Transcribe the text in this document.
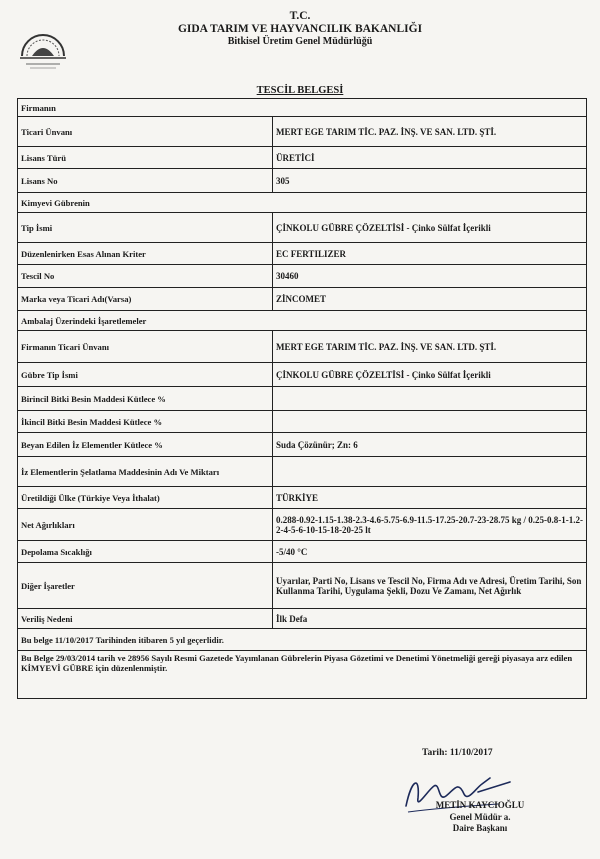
T.C.
GIDA TARIM VE HAYVANCILIK BAKANLIĞI
Bitkisel Üretim Genel Müdürlüğü
TESCİL BELGESİ
Firmanın	
Ticari Ünvanı	MERT EGE TARIM TİC. PAZ. İNŞ. VE SAN. LTD. ŞTİ.
Lisans Türü	ÜRETİCİ
Lisans No	305
Kimyevi Gübrenin	
Tip İsmi	ÇİNKOLU GÜBRE ÇÖZELTİSİ - Çinko Sülfat İçerikli
Düzenlenirken Esas Alınan Kriter	EC FERTILIZER
Tescil No	30460
Marka veya Ticari Adı(Varsa)	ZİNCOMET
Ambalaj Üzerindeki İşaretlemeler	
Firmanın Ticari Ünvanı	MERT EGE TARIM TİC. PAZ. İNŞ. VE SAN. LTD. ŞTİ.
Gübre Tip İsmi	ÇİNKOLU GÜBRE ÇÖZELTİSİ - Çinko Sülfat İçerikli
Birincil Bitki Besin Maddesi Kütlece %	
İkincil Bitki Besin Maddesi Kütlece %	
Beyan Edilen İz Elementler Kütlece %	Suda Çözünür; Zn: 6
İz Elementlerin Şelatlama Maddesinin Adı Ve Miktarı	
Üretildiği Ülke (Türkiye Veya İthalat)	TÜRKİYE
Net Ağırlıkları	0.288-0.92-1.15-1.38-2.3-4.6-5.75-6.9-11.5-17.25-20.7-23-28.75 kg / 0.25-0.8-1-1.2-2-4-5-6-10-15-18-20-25 lt
Depolama Sıcaklığı	-5/40 °C
Diğer İşaretler	Uyarılar, Parti No, Lisans ve Tescil No, Firma Adı ve Adresi, Üretim Tarihi, Son Kullanma Tarihi, Uygulama Şekli, Dozu Ve Zamanı, Net Ağırlık
Veriliş Nedeni	İlk Defa
Bu belge 11/10/2017 Tarihinden itibaren 5 yıl geçerlidir.	
Bu Belge 29/03/2014 tarih ve 28956 Sayılı Resmi Gazetede Yayımlanan Gübrelerin Piyasa Gözetimi ve Denetimi Yönetmeliği gereği piyasaya arz edilen KİMYEVİ GÜBRE için düzenlenmiştir.	
Tarih: 11/10/2017
METİN KAYCIOĞLU
Genel Müdür a.
Daire Başkanı
